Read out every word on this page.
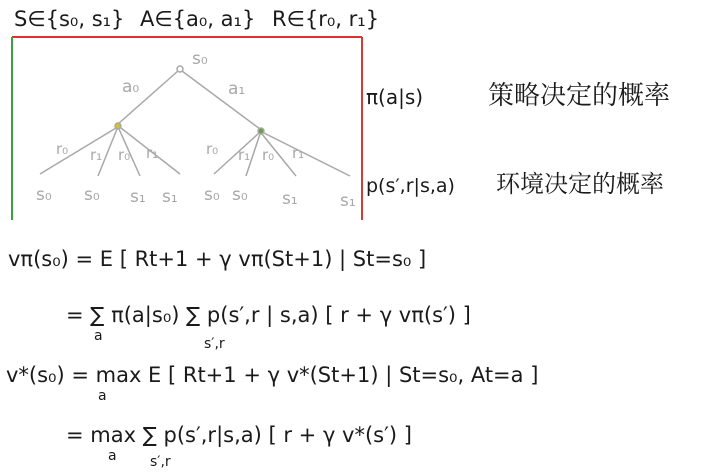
S∈{s₀, s₁} A∈{a₀, a₁} R∈{r₀, r₁}
s₀
a₀	a₁
r₀ r₁ r₀ r₁	r₀ r₁ r₀ r₁
s₀ s₀ s₁ s₁ s₀ s₀ s₁ s₁
π(a|s) 策略决定的概率
p(s′,r|s,a) 环境决定的概率
vπ(s₀) = E [ Rt+1 + γ vπ(St+1) | St=s₀ ]
= ∑ π(a|s₀) ∑ p(s′,r | s,a) [ r + γ vπ(s′) ]
a	s′,r
v*(s₀) = max E [ Rt+1 + γ v*(St+1) | St=s₀, At=a ]
a
= max ∑ p(s′,r|s,a) [ r + γ v*(s′) ]
a s′,r
